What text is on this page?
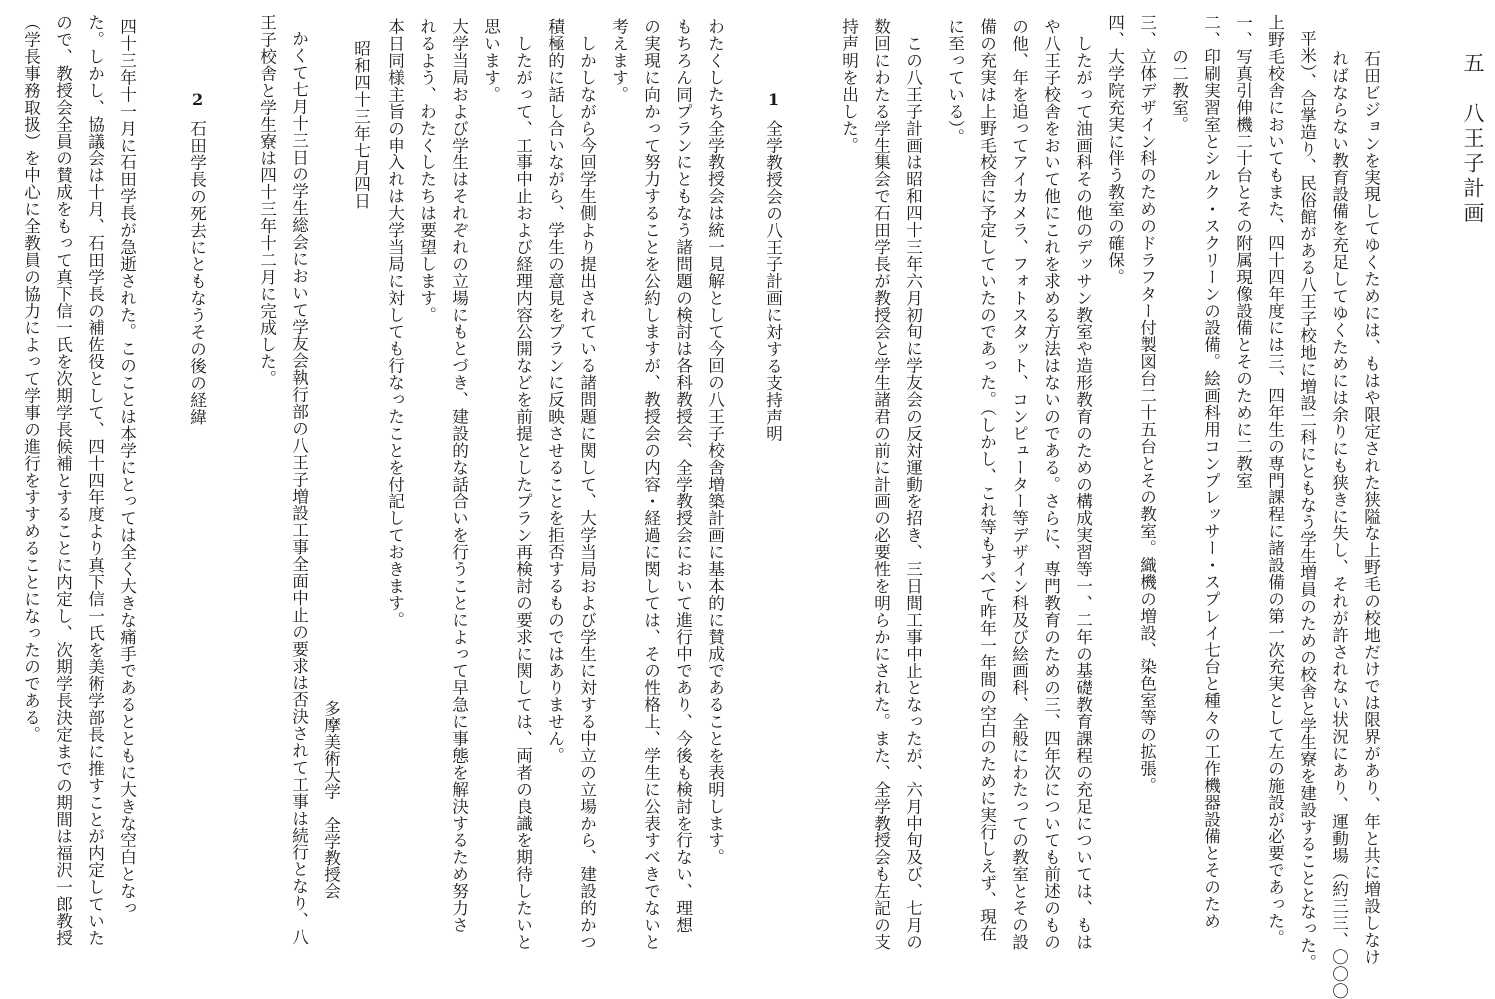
五　八王子計画
石田ビジョンを実現してゆくためには、もはや限定された狭隘な上野毛の校地だけでは限界があり、年と共に増設しなけ
ればならない教育設備を充足してゆくためには余りにも狭きに失し、それが許されない状況にあり、運動場（約三三、〇〇〇
平米）、合掌造り、民俗館がある八王子校地に増設二科にともなう学生増員のための校舎と学生寮を建設することとなった。
上野毛校舎においてもまた、四十四年度には三、四年生の専門課程に諸設備の第一次充実として左の施設が必要であった。
一、写真引伸機二十台とその附属現像設備とそのために二教室
二、印刷実習室とシルク・スクリーンの設備。絵画科用コンプレッサー・スプレイ七台と種々の工作機器設備とそのため
　　の二教室。
三、立体デザイン科のためのドラフター付製図台二十五台とその教室。織機の増設、染色室等の拡張。
四、大学院充実に伴う教室の確保。
　したがって油画科その他のデッサン教室や造形教育のための構成実習等一、二年の基礎教育課程の充足については、もは
や八王子校舎をおいて他にこれを求める方法はないのである。さらに、専門教育のための三、四年次についても前述のもの
の他、年を追ってアイカメラ、フォトスタット、コンピューター等デザイン科及び絵画科、全般にわたっての教室とその設
備の充実は上野毛校舎に予定していたのであった。（しかし、これ等もすべて昨年一年間の空白のために実行しえず、現在
に至っている）。
　この八王子計画は昭和四十三年六月初旬に学友会の反対運動を招き、三日間工事中止となったが、六月中旬及び、七月の
数回にわたる学生集会で石田学長が教授会と学生諸君の前に計画の必要性を明らかにされた。また、全学教授会も左記の支
持声明を出した。
1
全学教授会の八王子計画に対する支持声明
わたくしたち全学教授会は統一見解として今回の八王子校舎増築計画に基本的に賛成であることを表明します。
もちろん同プランにともなう諸問題の検討は各科教授会、全学教授会において進行中であり、今後も検討を行ない、理想
の実現に向かって努力することを公約しますが、教授会の内容・経過に関しては、その性格上、学生に公表すべきでないと
考えます。
　しかしながら今回学生側より提出されている諸問題に関して、大学当局および学生に対する中立の立場から、建設的かつ
積極的に話し合いながら、学生の意見をプランに反映させることを拒否するものではありません。
　したがって、工事中止および経理内容公開などを前提としたプラン再検討の要求に関しては、両者の良識を期待したいと
思います。
大学当局および学生はそれぞれの立場にもとづき、建設的な話合いを行うことによって早急に事態を解決するため努力さ
れるよう、わたくしたちは要望します。
本日同様主旨の申入れは大学当局に対しても行なったことを付記しておきます。
昭和四十三年七月四日
多摩美術大学　全学教授会
かくて七月十三日の学生総会において学友会執行部の八王子増設工事全面中止の要求は否決されて工事は続行となり、八
王子校舎と学生寮は四十三年十二月に完成した。
2
石田学長の死去にともなうその後の経緯
四十三年十一月に石田学長が急逝された。このことは本学にとっては全く大きな痛手であるとともに大きな空白となっ
た。しかし、協議会は十月、石田学長の補佐役として、四十四年度より真下信一氏を美術学部長に推すことが内定していた
ので、教授会全員の賛成をもって真下信一氏を次期学長候補とすることに内定し、次期学長決定までの期間は福沢一郎教授
（学長事務取扱）を中心に全教員の協力によって学事の進行をすすめることになったのである。
